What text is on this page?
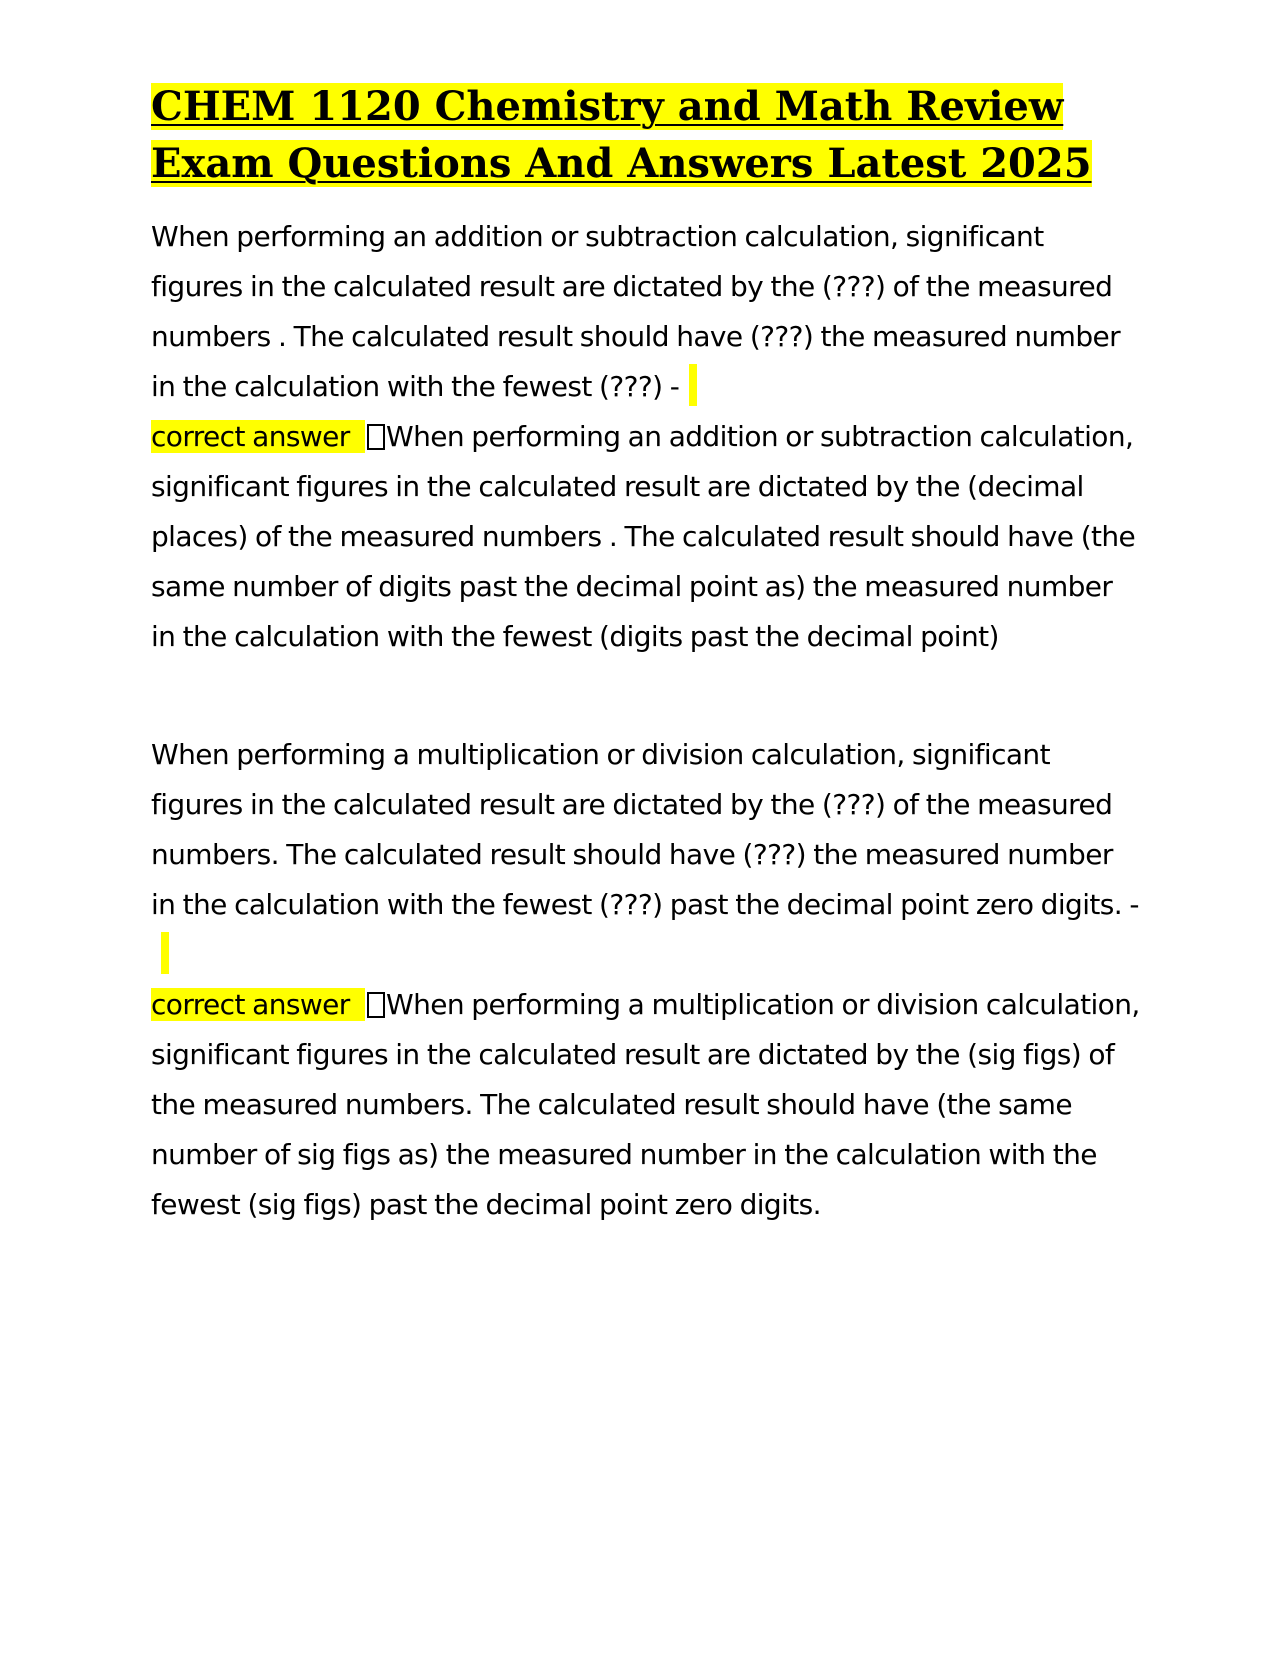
CHEM 1120 Chemistry and Math Review
Exam Questions And Answers Latest 2025

When performing an addition or subtraction calculation, significant figures in the calculated result are dictated by the (???) of the measured numbers . The calculated result should have (???) the measured number in the calculation with the fewest (???) -
correct answer When performing an addition or subtraction calculation, significant figures in the calculated result are dictated by the (decimal places) of the measured numbers . The calculated result should have (the same number of digits past the decimal point as) the measured number in the calculation with the fewest (digits past the decimal point)

When performing a multiplication or division calculation, significant figures in the calculated result are dictated by the (???) of the measured numbers. The calculated result should have (???) the measured number in the calculation with the fewest (???) past the decimal point zero digits. -
correct answer When performing a multiplication or division calculation, significant figures in the calculated result are dictated by the (sig figs) of the measured numbers. The calculated result should have (the same number of sig figs as) the measured number in the calculation with the fewest (sig figs) past the decimal point zero digits.
